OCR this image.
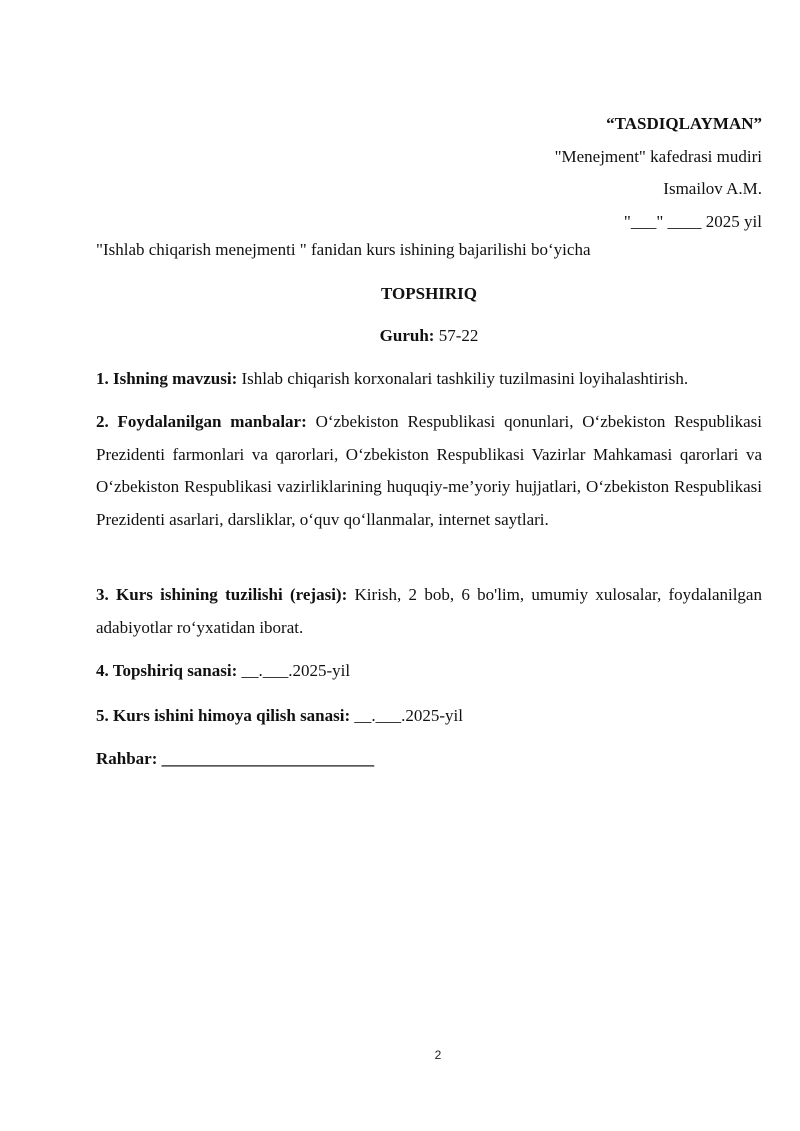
“TASDIQLAYMAN”
"Menejment" kafedrasi mudiri
Ismailov A.M.
"___" ____ 2025 yil

"Ishlab chiqarish menejmenti " fanidan kurs ishining bajarilishi bo‘yicha

TOPSHIRIQ

Guruh: 57-22

1. Ishning mavzusi: Ishlab chiqarish korxonalari tashkiliy tuzilmasini loyihalashtirish.

2. Foydalanilgan manbalar: O‘zbekiston Respublikasi qonunlari, O‘zbekiston Respublikasi Prezidenti farmonlari va qarorlari, O‘zbekiston Respublikasi Vazirlar Mahkamasi qarorlari va O‘zbekiston Respublikasi vazirliklarining huquqiy-me’yoriy hujjatlari, O‘zbekiston Respublikasi Prezidenti asarlari, darsliklar, o‘quv qo‘llanmalar, internet saytlari.

3. Kurs ishining tuzilishi (rejasi): Kirish, 2 bob, 6 bo'lim, umumiy xulosalar, foydalanilgan adabiyotlar ro‘yxatidan iborat.

4. Topshiriq sanasi: __.___.2025-yil

5. Kurs ishini himoya qilish sanasi: __.___.2025-yil

Rahbar: _________________________

2
